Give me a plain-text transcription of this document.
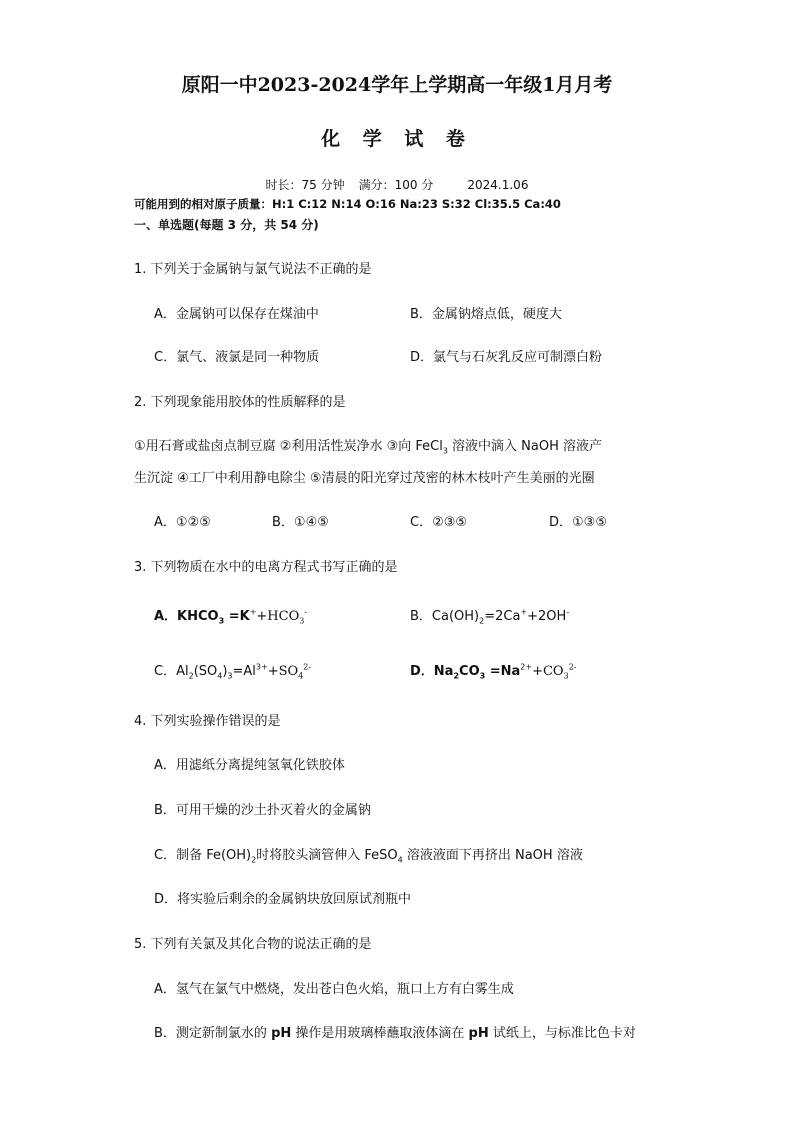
原阳一中2023-2024学年上学期高一年级1月月考
化 学 试 卷
时长：75 分钟 满分：100 分	2024.1.06
可能用到的相对原子质量：H:1 C:12 N:14 O:16 Na:23 S:32 Cl:35.5 Ca:40
一、单选题(每题 3 分，共 54 分)
1. 下列关于金属钠与氯气说法不正确的是
A．金属钠可以保存在煤油中	B．金属钠熔点低，硬度大
C．氯气、液氯是同一种物质	D．氯气与石灰乳反应可制漂白粉
2. 下列现象能用胶体的性质解释的是
①用石膏或盐卤点制豆腐 ②利用活性炭净水 ③向 FeCl$_3$ 溶液中滴入 NaOH 溶液产
生沉淀 ④工厂中利用静电除尘 ⑤清晨的阳光穿过茂密的林木枝叶产生美丽的光圈
A．①②⑤	B．①④⑤	C．②③⑤	D．①③⑤
3. 下列物质在水中的电离方程式书写正确的是
A．$KHCO_3 =K^++HCO_3^-$	B．$Ca(OH)_2=2Ca^++2OH^-$
C．$Al_2(SO_4)_3=Al^{3+}+SO_4^{2-}$	D．$Na_2CO_3 =Na^{2+}+CO_3^{2-}$
4. 下列实验操作错误的是
A．用滤纸分离提纯氢氧化铁胶体
B．可用干燥的沙土扑灭着火的金属钠
C．制备 $Fe(OH)_2$时将胶头滴管伸入 FeSO$_4$ 溶液液面下再挤出 NaOH 溶液
D．将实验后剩余的金属钠块放回原试剂瓶中
5. 下列有关氯及其化合物的说法正确的是
A．氢气在氯气中燃烧，发出苍白色火焰，瓶口上方有白雾生成
B．测定新制氯水的 pH 操作是用玻璃棒蘸取液体滴在 pH 试纸上，与标准比色卡对
